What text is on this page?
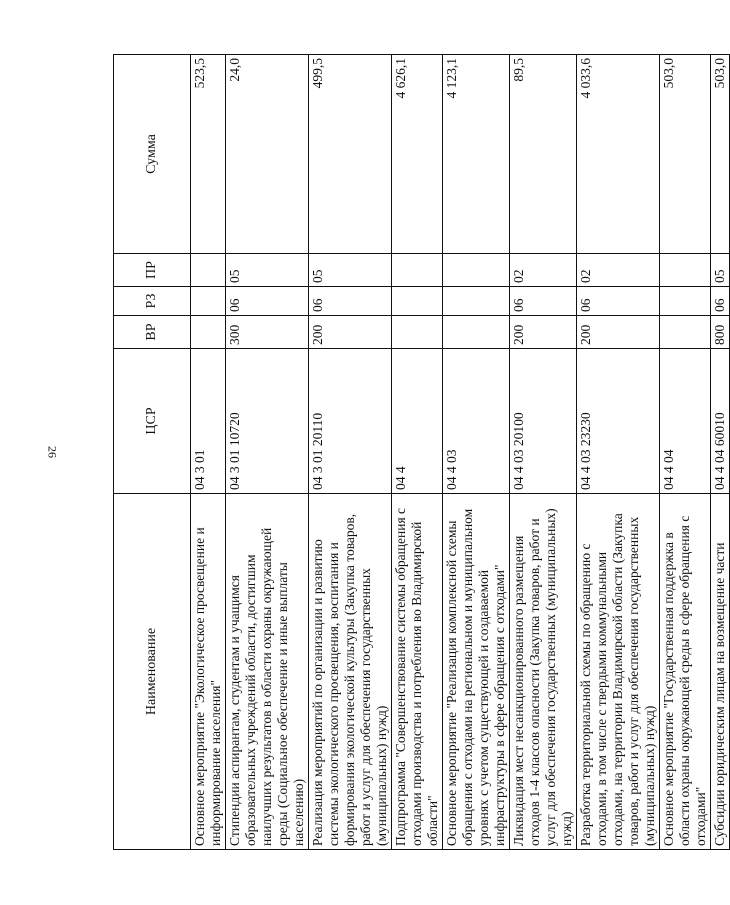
26
Наименование	ЦСР	ВР	РЗ	ПР	Сумма
Основное мероприятие "Экологическое просвещение и информирование населения"	04 3 01				523,5
Стипендии аспирантам, студентам и учащимся образовательных учреждений области, достигшим наилучших результатов в области охраны окружающей среды (Социальное обеспечение и иные выплаты населению)	04 3 01 10720	300	06	05	24,0
Реализация мероприятий по организации и развитию системы экологического просвещения, воспитания и формирования экологической культуры (Закупка товаров, работ и услуг для обеспечения государственных (муниципальных) нужд)	04 3 01 20110	200	06	05	499,5
Подпрограмма "Совершенствование системы обращения с отходами производства и потребления во Владимирской области"	04 4				4 626,1
Основное мероприятие "Реализация комплексной схемы обращения с отходами на региональном и муниципальном уровнях с учетом существующей и создаваемой инфраструктуры в сфере обращения с отходами"	04 4 03				4 123,1
Ликвидация мест несанкционированного размещения отходов 1-4 классов опасности (Закупка товаров, работ и услуг для обеспечения государственных (муниципальных) нужд)	04 4 03 20100	200	06	02	89,5
Разработка территориальной схемы по обращению с отходами, в том числе с твердыми коммунальными отходами, на территории Владимирской области (Закупка товаров, работ и услуг для обеспечения государственных (муниципальных) нужд)	04 4 03 23230	200	06	02	4 033,6
Основное мероприятие "Государственная поддержка в области охраны окружающей среды в сфере обращения с отходами"	04 4 04				503,0
Субсидии юридическим лицам на возмещение части	04 4 04 60010	800	06	05	503,0
